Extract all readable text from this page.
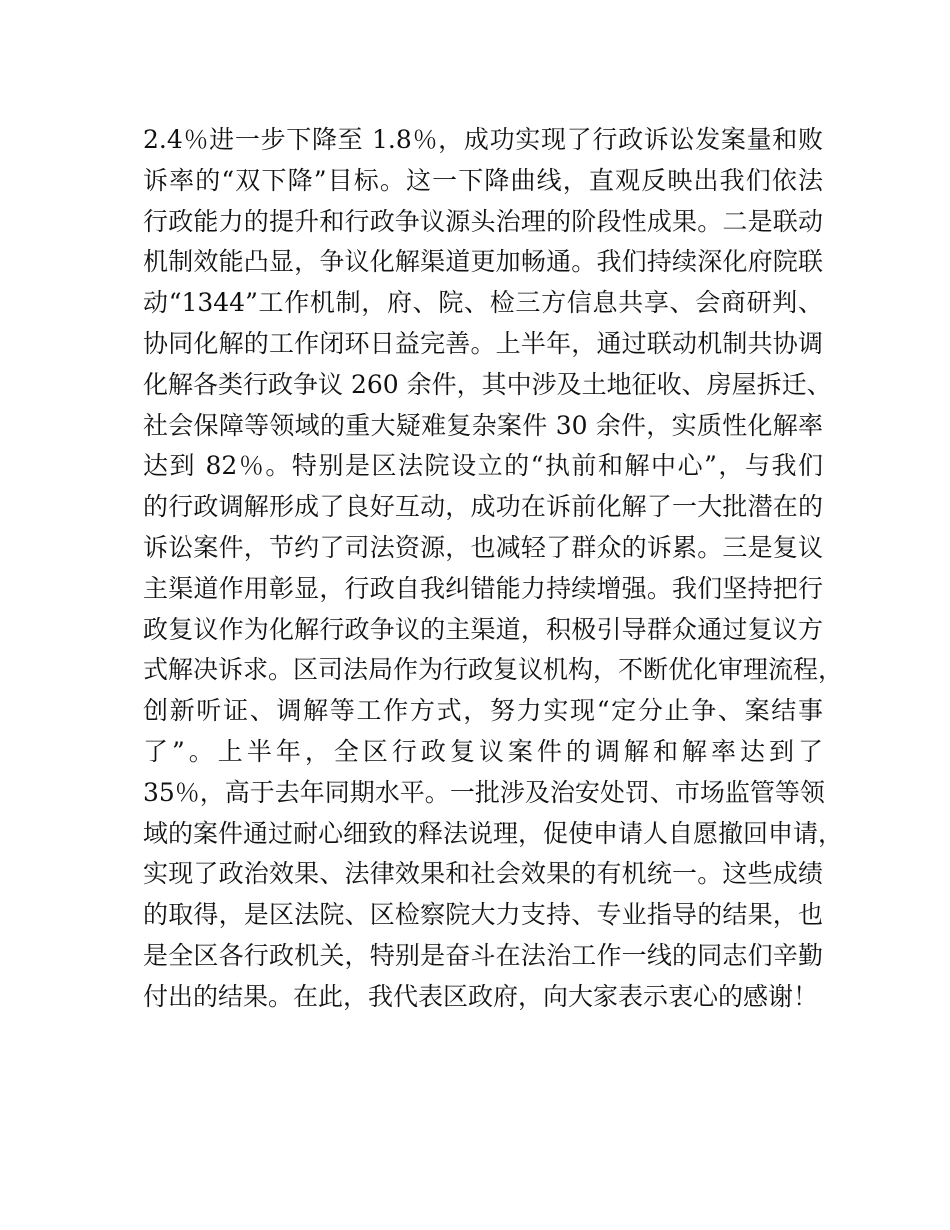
2.4％进一步下降至 1.8％，成功实现了行政诉讼发案量和败
诉率的“双下降”目标。这一下降曲线，直观反映出我们依法
行政能力的提升和行政争议源头治理的阶段性成果。二是联动
机制效能凸显，争议化解渠道更加畅通。我们持续深化府院联
动“1344”工作机制，府、院、检三方信息共享、会商研判、
协同化解的工作闭环日益完善。上半年，通过联动机制共协调
化解各类行政争议 260 余件，其中涉及土地征收、房屋拆迁、
社会保障等领域的重大疑难复杂案件 30 余件，实质性化解率
达到 82％。特别是区法院设立的“执前和解中心”，与我们
的行政调解形成了良好互动，成功在诉前化解了一大批潜在的
诉讼案件，节约了司法资源，也减轻了群众的诉累。三是复议
主渠道作用彰显，行政自我纠错能力持续增强。我们坚持把行
政复议作为化解行政争议的主渠道，积极引导群众通过复议方
式解决诉求。区司法局作为行政复议机构，不断优化审理流程，
创新听证、调解等工作方式，努力实现“定分止争、案结事
了”。上半年，全区行政复议案件的调解和解率达到了
35％，高于去年同期水平。一批涉及治安处罚、市场监管等领
域的案件通过耐心细致的释法说理，促使申请人自愿撤回申请，
实现了政治效果、法律效果和社会效果的有机统一。这些成绩
的取得，是区法院、区检察院大力支持、专业指导的结果，也
是全区各行政机关，特别是奋斗在法治工作一线的同志们辛勤
付出的结果。在此，我代表区政府，向大家表示衷心的感谢！
